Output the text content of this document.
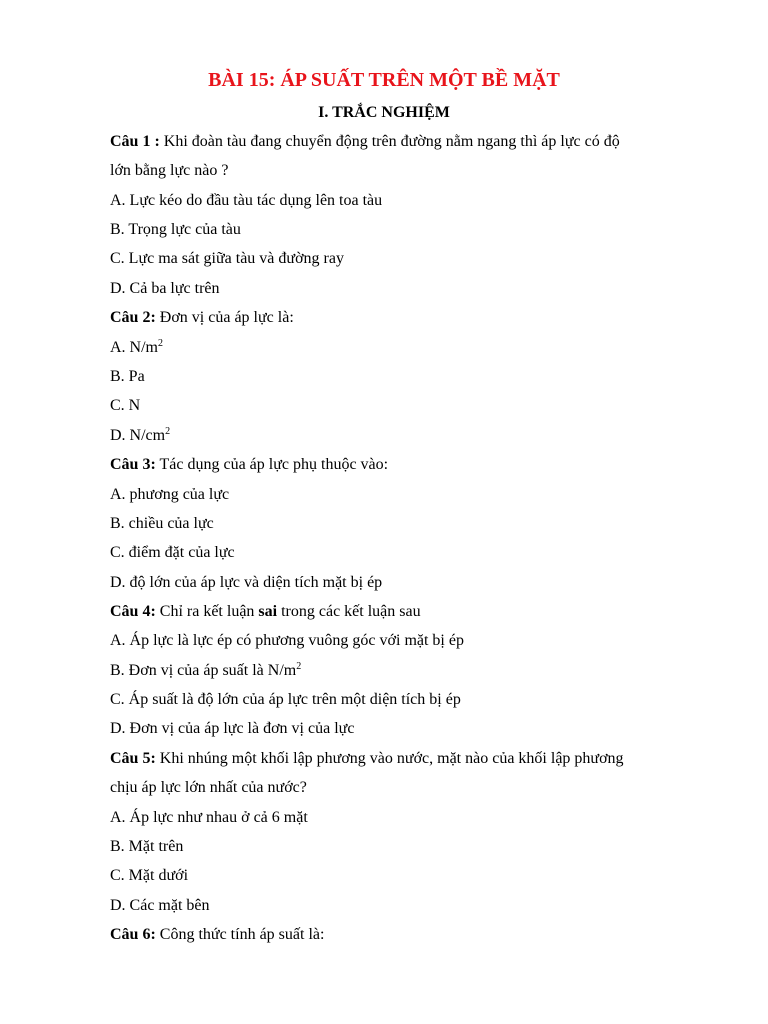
BÀI 15: ÁP SUẤT TRÊN MỘT BỀ MẶT
I. TRẮC NGHIỆM
Câu 1 : Khi đoàn tàu đang chuyển động trên đường nằm ngang thì áp lực có độ
lớn bằng lực nào ?
A. Lực kéo do đầu tàu tác dụng lên toa tàu
B. Trọng lực của tàu
C. Lực ma sát giữa tàu và đường ray
D. Cả ba lực trên
Câu 2: Đơn vị của áp lực là:
A. $N/m^2$
B. Pa
C. N
D. $N/cm^2$
Câu 3: Tác dụng của áp lực phụ thuộc vào:
A. phương của lực
B. chiều của lực
C. điểm đặt của lực
D. độ lớn của áp lực và diện tích mặt bị ép
Câu 4: Chỉ ra kết luận sai trong các kết luận sau
A. Áp lực là lực ép có phương vuông góc với mặt bị ép
B. Đơn vị của áp suất là $N/m^2$
C. Áp suất là độ lớn của áp lực trên một diện tích bị ép
D. Đơn vị của áp lực là đơn vị của lực
Câu 5: Khi nhúng một khối lập phương vào nước, mặt nào của khối lập phương
chịu áp lực lớn nhất của nước?
A. Áp lực như nhau ở cả 6 mặt
B. Mặt trên
C. Mặt dưới
D. Các mặt bên
Câu 6: Công thức tính áp suất là:
